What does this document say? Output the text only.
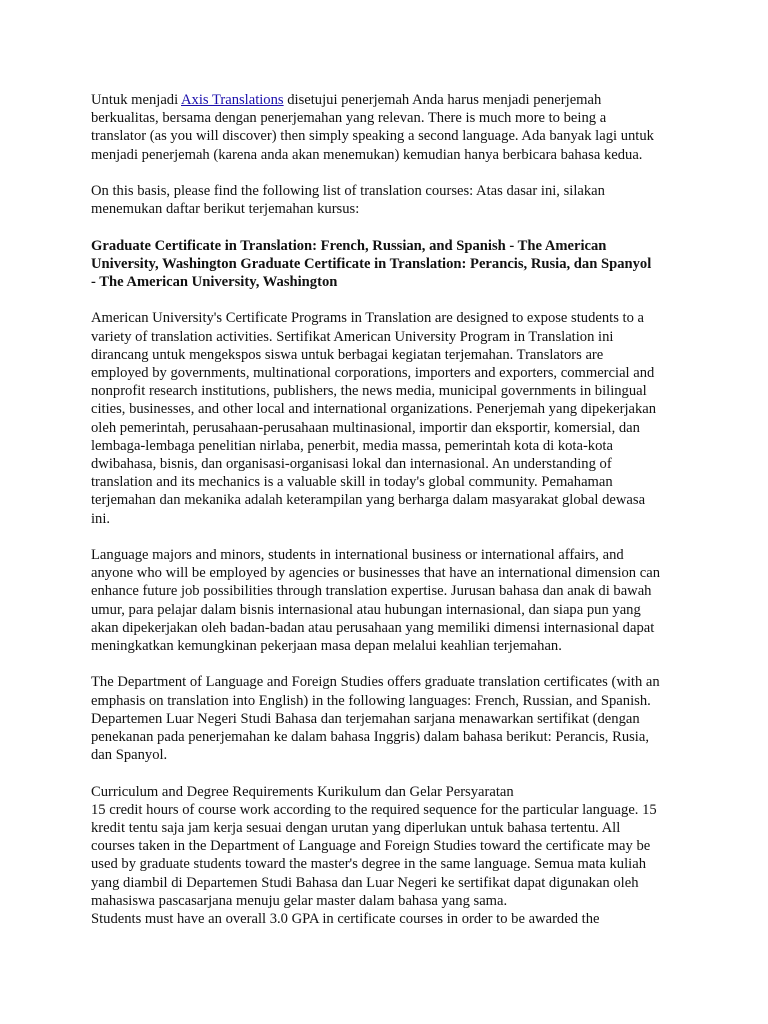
Untuk menjadi Axis Translations disetujui penerjemah Anda harus menjadi penerjemah
berkualitas, bersama dengan penerjemahan yang relevan. There is much more to being a
translator (as you will discover) then simply speaking a second language. Ada banyak lagi untuk
menjadi penerjemah (karena anda akan menemukan) kemudian hanya berbicara bahasa kedua.

On this basis, please find the following list of translation courses: Atas dasar ini, silakan
menemukan daftar berikut terjemahan kursus:

Graduate Certificate in Translation: French, Russian, and Spanish - The American
University, Washington Graduate Certificate in Translation: Perancis, Rusia, dan Spanyol
- The American University, Washington

American University's Certificate Programs in Translation are designed to expose students to a
variety of translation activities. Sertifikat American University Program in Translation ini
dirancang untuk mengekspos siswa untuk berbagai kegiatan terjemahan. Translators are
employed by governments, multinational corporations, importers and exporters, commercial and
nonprofit research institutions, publishers, the news media, municipal governments in bilingual
cities, businesses, and other local and international organizations. Penerjemah yang dipekerjakan
oleh pemerintah, perusahaan-perusahaan multinasional, importir dan eksportir, komersial, dan
lembaga-lembaga penelitian nirlaba, penerbit, media massa, pemerintah kota di kota-kota
dwibahasa, bisnis, dan organisasi-organisasi lokal dan internasional. An understanding of
translation and its mechanics is a valuable skill in today's global community. Pemahaman
terjemahan dan mekanika adalah keterampilan yang berharga dalam masyarakat global dewasa
ini.

Language majors and minors, students in international business or international affairs, and
anyone who will be employed by agencies or businesses that have an international dimension can
enhance future job possibilities through translation expertise. Jurusan bahasa dan anak di bawah
umur, para pelajar dalam bisnis internasional atau hubungan internasional, dan siapa pun yang
akan dipekerjakan oleh badan-badan atau perusahaan yang memiliki dimensi internasional dapat
meningkatkan kemungkinan pekerjaan masa depan melalui keahlian terjemahan.

The Department of Language and Foreign Studies offers graduate translation certificates (with an
emphasis on translation into English) in the following languages: French, Russian, and Spanish.
Departemen Luar Negeri Studi Bahasa dan terjemahan sarjana menawarkan sertifikat (dengan
penekanan pada penerjemahan ke dalam bahasa Inggris) dalam bahasa berikut: Perancis, Rusia,
dan Spanyol.

Curriculum and Degree Requirements Kurikulum dan Gelar Persyaratan
15 credit hours of course work according to the required sequence for the particular language. 15
kredit tentu saja jam kerja sesuai dengan urutan yang diperlukan untuk bahasa tertentu. All
courses taken in the Department of Language and Foreign Studies toward the certificate may be
used by graduate students toward the master's degree in the same language. Semua mata kuliah
yang diambil di Departemen Studi Bahasa dan Luar Negeri ke sertifikat dapat digunakan oleh
mahasiswa pascasarjana menuju gelar master dalam bahasa yang sama.
Students must have an overall 3.0 GPA in certificate courses in order to be awarded the
